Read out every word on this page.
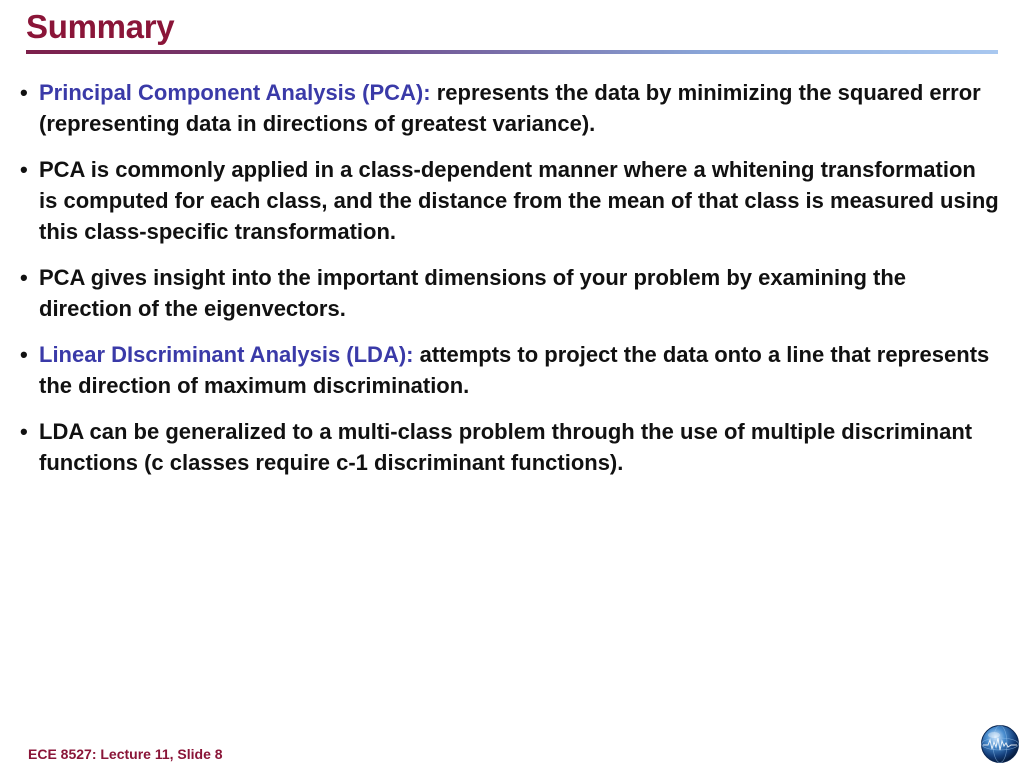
Summary
• Principal Component Analysis (PCA): represents the data by minimizing the squared error (representing data in directions of greatest variance).
• PCA is commonly applied in a class-dependent manner where a whitening transformation is computed for each class, and the distance from the mean of that class is measured using this class-specific transformation.
• PCA gives insight into the important dimensions of your problem by examining the direction of the eigenvectors.
• Linear DIscriminant Analysis (LDA): attempts to project the data onto a line that represents the direction of maximum discrimination.
• LDA can be generalized to a multi-class problem through the use of multiple discriminant functions (c classes require c-1 discriminant functions).
ECE 8527: Lecture 11, Slide 8
